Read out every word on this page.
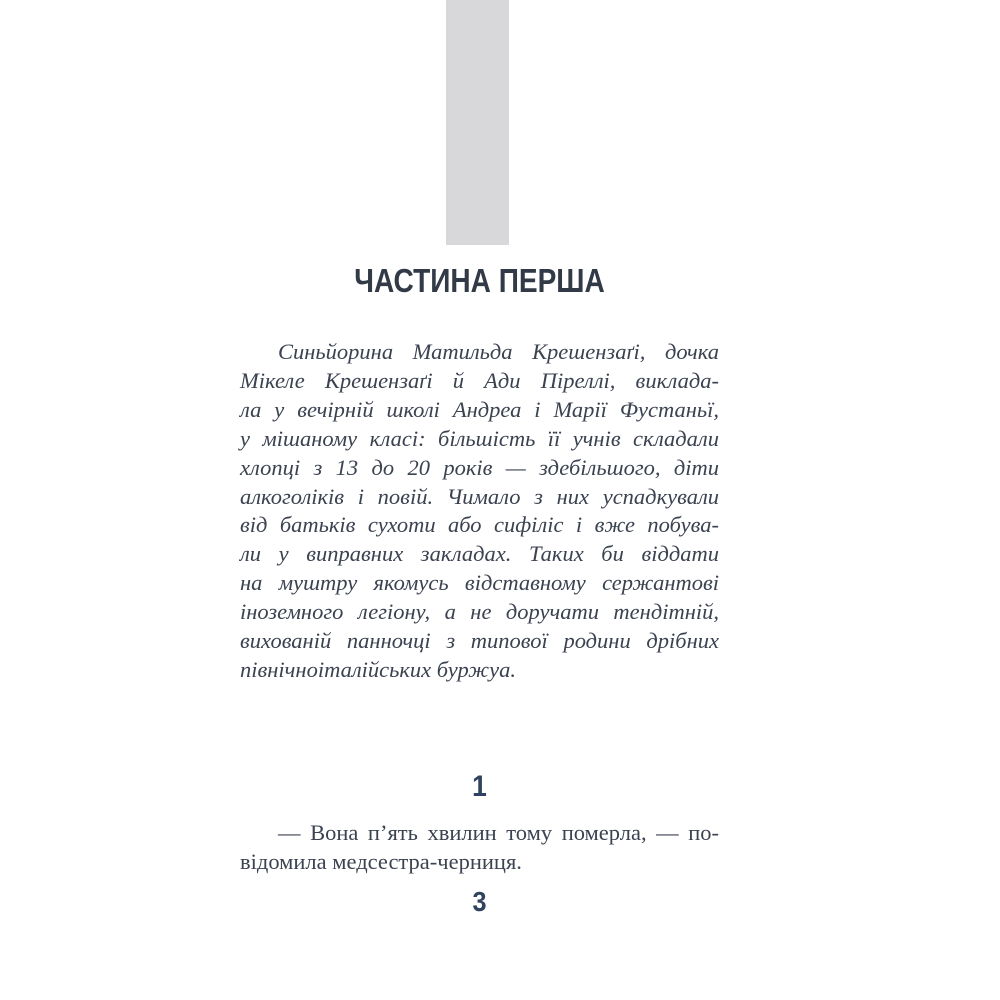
ЧАСТИНА ПЕРША
Синьйорина Матильда Крешензаґі, дочка
Мікеле Крешензаґі й Ади Піреллі, виклада-
ла у вечірній школі Андреа і Марії Фустаньї,
у мішаному класі: більшість її учнів складали
хлопці з 13 до 20 років — здебільшого, діти
алкоголіків і повій. Чимало з них успадкували
від батьків сухоти або сифіліс і вже побува-
ли у виправних закладах. Таких би віддати
на муштру якомусь відставному сержантові
іноземного легіону, а не доручати тендітній,
вихованій панночці з типової родини дрібних
північноіталійських буржуа.
1
— Вона п’ять хвилин тому померла, — по-
відомила медсестра-черниця.
3
